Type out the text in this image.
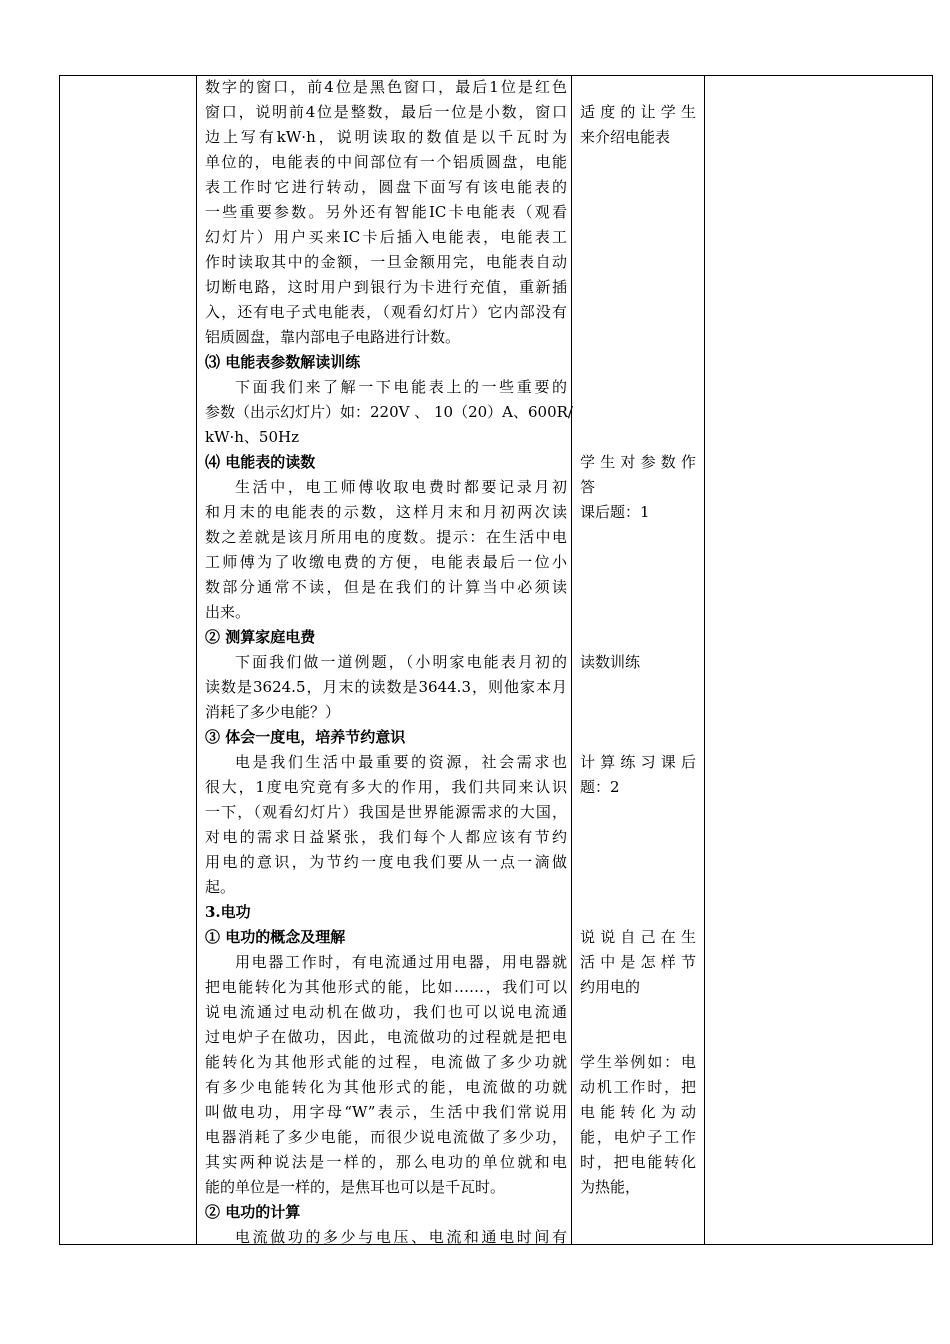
数字的窗口，前4位是黑色窗口，最后1位是红色
窗口，说明前4位是整数，最后一位是小数，窗口
边上写有kW·h，说明读取的数值是以千瓦时为
单位的，电能表的中间部位有一个铝质圆盘，电能
表工作时它进行转动，圆盘下面写有该电能表的
一些重要参数。另外还有智能IC卡电能表（观看
幻灯片）用户买来IC卡后插入电能表，电能表工
作时读取其中的金额，一旦金额用完，电能表自动
切断电路，这时用户到银行为卡进行充值，重新插
入，还有电子式电能表，（观看幻灯片）它内部没有
铝质圆盘，靠内部电子电路进行计数。
⑶ 电能表参数解读训练
下面我们来了解一下电能表上的一些重要的
参数（出示幻灯片）如：220V 、 10（20）A、600R/
kW·h、50Hz
⑷ 电能表的读数
生活中，电工师傅收取电费时都要记录月初
和月末的电能表的示数，这样月末和月初两次读
数之差就是该月所用电的度数。提示：在生活中电
工师傅为了收缴电费的方便，电能表最后一位小
数部分通常不读，但是在我们的计算当中必须读
出来。
② 测算家庭电费
下面我们做一道例题，（小明家电能表月初的
读数是3624.5，月末的读数是3644.3，则他家本月
消耗了多少电能？）
③ 体会一度电，培养节约意识
电是我们生活中最重要的资源，社会需求也
很大，1度电究竟有多大的作用，我们共同来认识
一下，（观看幻灯片）我国是世界能源需求的大国，
对电的需求日益紧张，我们每个人都应该有节约
用电的意识，为节约一度电我们要从一点一滴做
起。
3.电功
① 电功的概念及理解
用电器工作时，有电流通过用电器，用电器就
把电能转化为其他形式的能，比如……，我们可以
说电流通过电动机在做功，我们也可以说电流通
过电炉子在做功，因此，电流做功的过程就是把电
能转化为其他形式能的过程，电流做了多少功就
有多少电能转化为其他形式的能，电流做的功就
叫做电功，用字母“W”表示，生活中我们常说用
电器消耗了多少电能，而很少说电流做了多少功，
其实两种说法是一样的，那么电功的单位就和电
能的单位是一样的，是焦耳也可以是千瓦时。
② 电功的计算
电流做功的多少与电压、电流和通电时间有
适度的让学生
来介绍电能表
学生对参数作
答
课后题：1
读数训练
计算练习课后
题：2
说说自己在生
活中是怎样节
约用电的
学生举例如：电
动机工作时，把
电能转化为动
能，电炉子工作
时，把电能转化
为热能，
